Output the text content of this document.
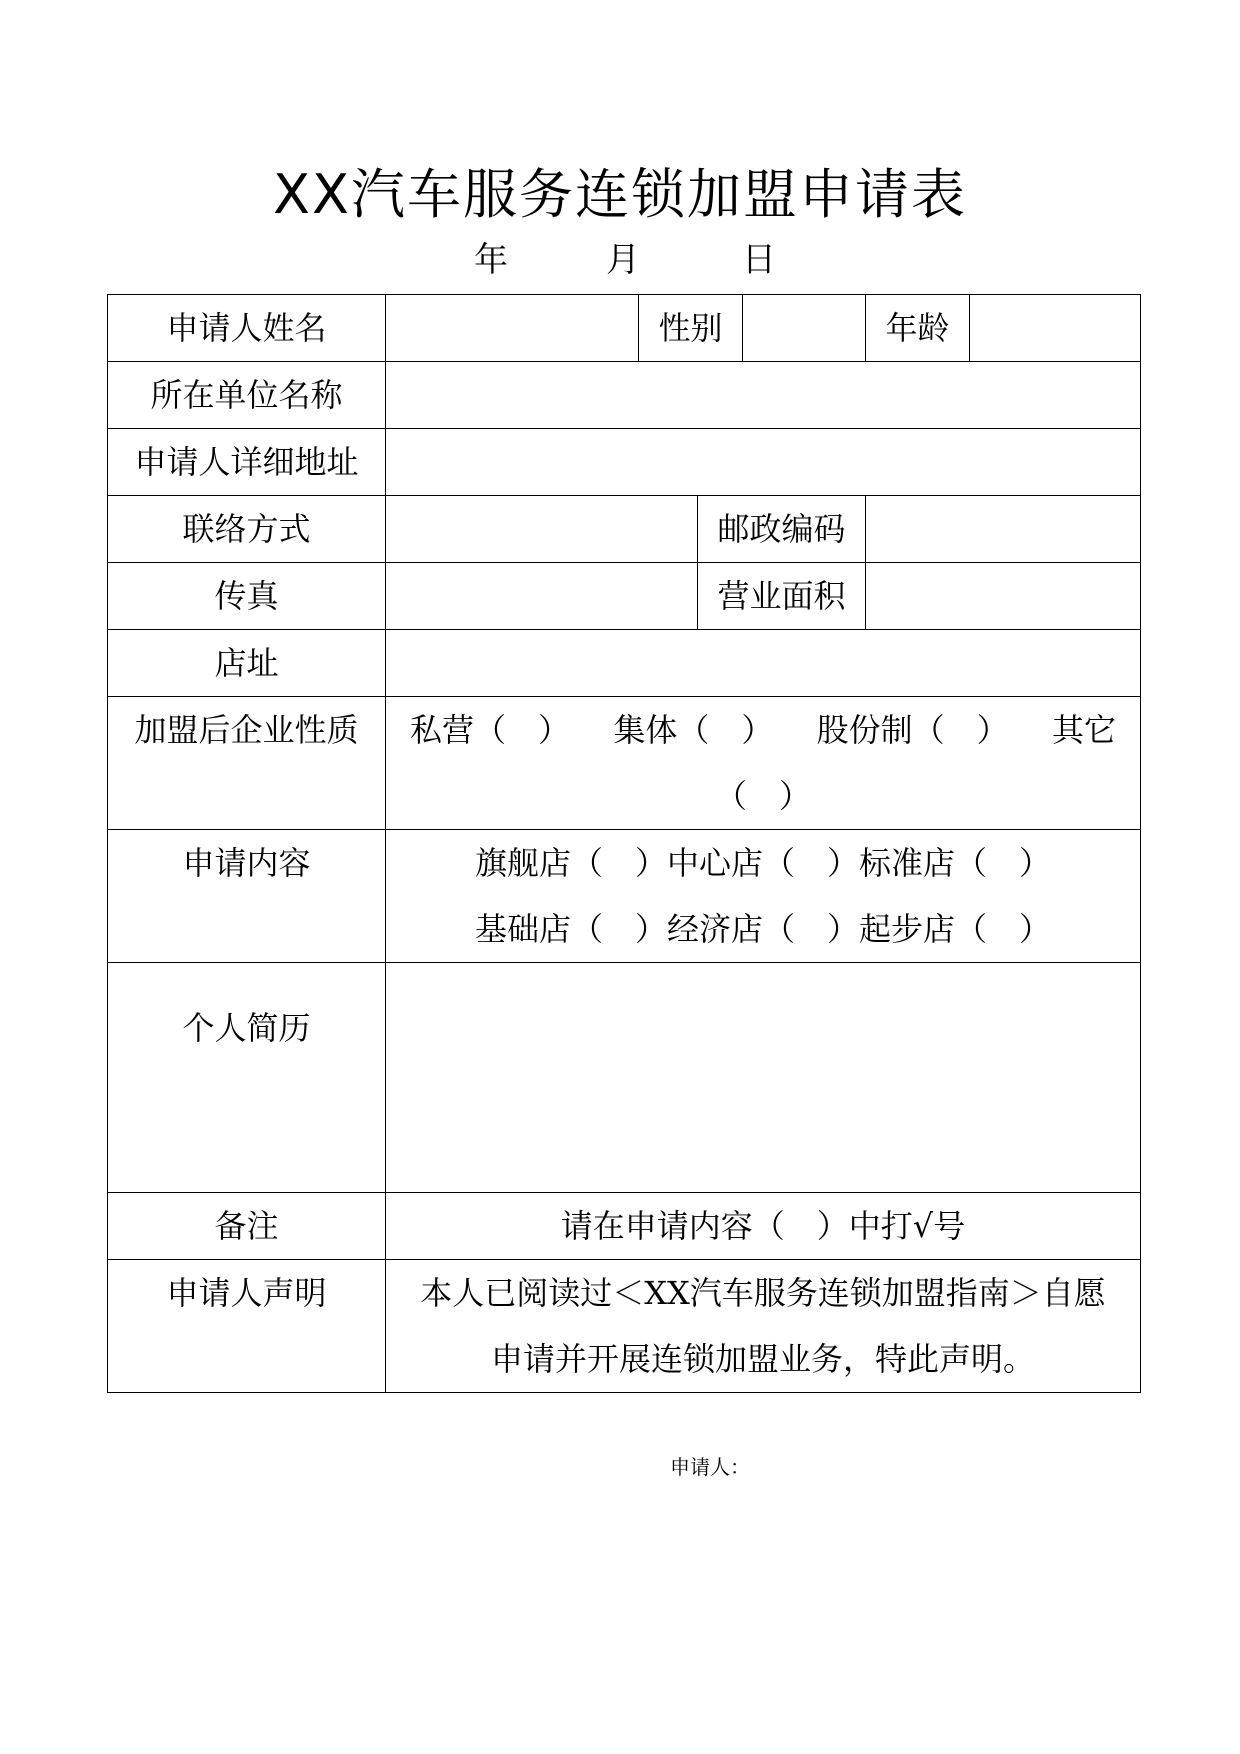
XX汽车服务连锁加盟申请表
年	月	日
申请人姓名		性别			年龄	
所在单位名称						
申请人详细地址						
联络方式			邮政编码			
传真			营业面积			
店址						
加盟后企业性质	私营（　） 集体（　） 股份制（　） 其它
（　）					

申请内容	旗舰店（　）中心店（　）标准店（　）
基础店（　）经济店（　）起步店（　）					

个人简历						
备注	请在申请内容（　）中打√号					
申请人声明	本人已阅读过＜XX汽车服务连锁加盟指南＞自愿
申请并开展连锁加盟业务，特此声明。					
申请人：
